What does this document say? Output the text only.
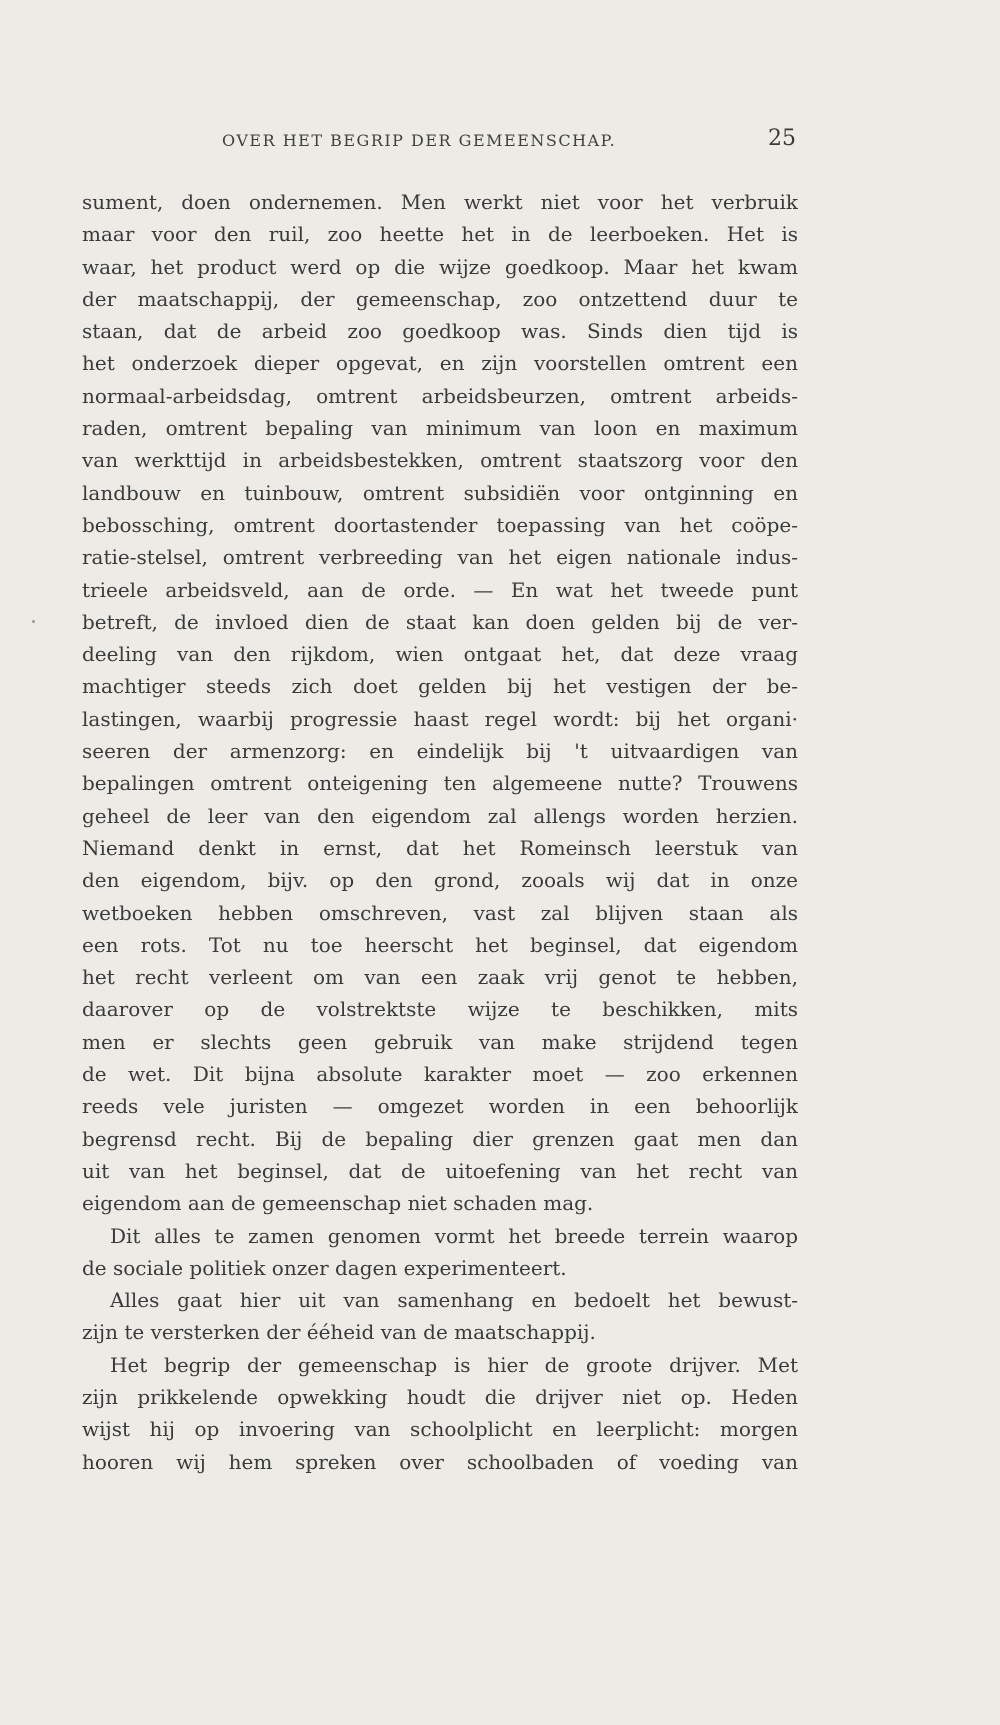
OVER HET BEGRIP DER GEMEENSCHAP.	25
sument, doen ondernemen. Men werkt niet voor het verbruik
maar voor den ruil, zoo heette het in de leerboeken. Het is
waar, het product werd op die wijze goedkoop. Maar het kwam
der maatschappij, der gemeenschap, zoo ontzettend duur te
staan, dat de arbeid zoo goedkoop was. Sinds dien tijd is
het onderzoek dieper opgevat, en zijn voorstellen omtrent een
normaal-arbeidsdag, omtrent arbeidsbeurzen, omtrent arbeids-
raden, omtrent bepaling van minimum van loon en maximum
van werkttijd in arbeidsbestekken, omtrent staatszorg voor den
landbouw en tuinbouw, omtrent subsidiën voor ontginning en
bebossching, omtrent doortastender toepassing van het coöpe-
ratie-stelsel, omtrent verbreeding van het eigen nationale indus-
trieele arbeidsveld, aan de orde. — En wat het tweede punt
betreft, de invloed dien de staat kan doen gelden bij de ver-
deeling van den rijkdom, wien ontgaat het, dat deze vraag
machtiger steeds zich doet gelden bij het vestigen der be-
lastingen, waarbij progressie haast regel wordt: bij het organi·
seeren der armenzorg: en eindelijk bij 't uitvaardigen van
bepalingen omtrent onteigening ten algemeene nutte? Trouwens
geheel de leer van den eigendom zal allengs worden herzien.
Niemand denkt in ernst, dat het Romeinsch leerstuk van
den eigendom, bijv. op den grond, zooals wij dat in onze
wetboeken hebben omschreven, vast zal blijven staan als
een rots. Tot nu toe heerscht het beginsel, dat eigendom
het recht verleent om van een zaak vrij genot te hebben,
daarover op de volstrektste wijze te beschikken, mits
men er slechts geen gebruik van make strijdend tegen
de wet. Dit bijna absolute karakter moet — zoo erkennen
reeds vele juristen — omgezet worden in een behoorlijk
begrensd recht. Bij de bepaling dier grenzen gaat men dan
uit van het beginsel, dat de uitoefening van het recht van
eigendom aan de gemeenschap niet schaden mag.
Dit alles te zamen genomen vormt het breede terrein waarop
de sociale politiek onzer dagen experimenteert.
Alles gaat hier uit van samenhang en bedoelt het bewust-
zijn te versterken der ééheid van de maatschappij.
Het begrip der gemeenschap is hier de groote drijver. Met
zijn prikkelende opwekking houdt die drijver niet op. Heden
wijst hij op invoering van schoolplicht en leerplicht: morgen
hooren wij hem spreken over schoolbaden of voeding van
